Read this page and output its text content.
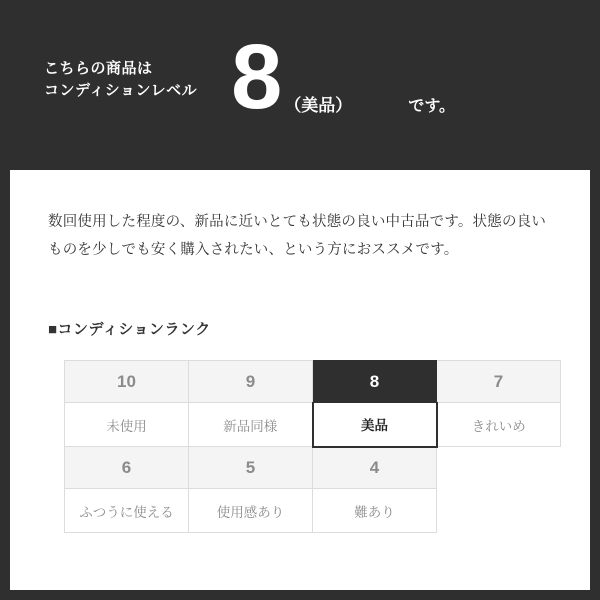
こちらの商品は
コンディションレベル 8 （美品）	です。
数回使用した程度の、新品に近いとても状態の良い中古品です。状態の良いものを少しでも安く購入されたい、という方におススメです。
■コンディションランク
10	9	8	7
未使用	新品同様	美品	きれいめ
6	5	4	
ふつうに使える	使用感あり	難あり	
